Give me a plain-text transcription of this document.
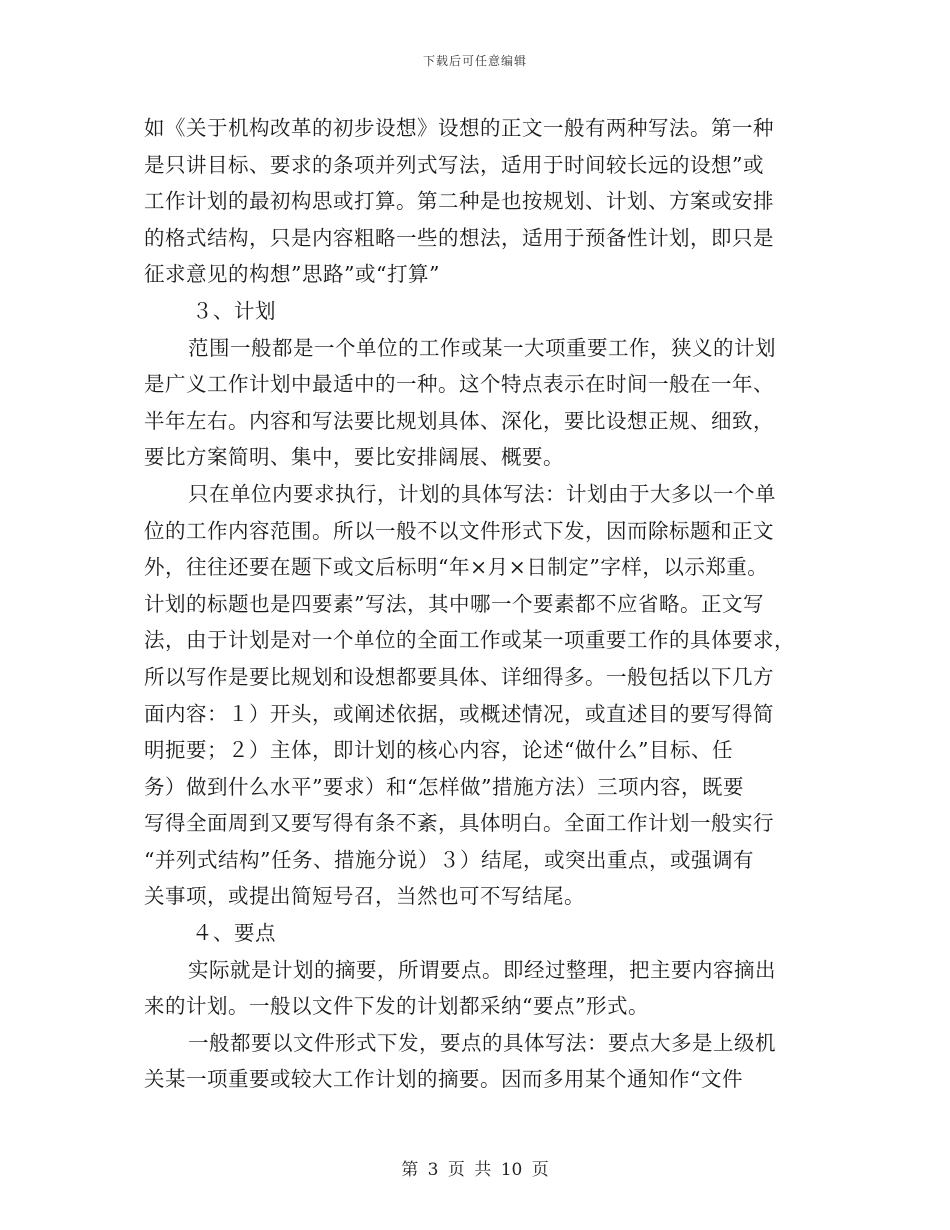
下载后可任意编辑
如《关于机构改革的初步设想》设想的正文一般有两种写法。第一种
是只讲目标、要求的条项并列式写法，适用于时间较长远的设想”或
工作计划的最初构思或打算。第二种是也按规划、计划、方案或安排
的格式结构，只是内容粗略一些的想法，适用于预备性计划，即只是
征求意见的构想”思路”或“打算”
３、计划
范围一般都是一个单位的工作或某一大项重要工作，狭义的计划
是广义工作计划中最适中的一种。这个特点表示在时间一般在一年、
半年左右。内容和写法要比规划具体、深化，要比设想正规、细致，
要比方案简明、集中，要比安排阔展、概要。
只在单位内要求执行，计划的具体写法：计划由于大多以一个单
位的工作内容范围。所以一般不以文件形式下发，因而除标题和正文
外，往往还要在题下或文后标明“年×月×日制定”字样，以示郑重。
计划的标题也是四要素”写法，其中哪一个要素都不应省略。正文写
法，由于计划是对一个单位的全面工作或某一项重要工作的具体要求，
所以写作是要比规划和设想都要具体、详细得多。一般包括以下几方
面内容：１）开头，或阐述依据，或概述情况，或直述目的要写得简
明扼要；２）主体，即计划的核心内容，论述“做什么”目标、任
务）做到什么水平”要求）和“怎样做”措施方法）三项内容，既要
写得全面周到又要写得有条不紊，具体明白。全面工作计划一般实行
“并列式结构”任务、措施分说）３）结尾，或突出重点，或强调有
关事项，或提出简短号召，当然也可不写结尾。
４、要点
实际就是计划的摘要，所谓要点。即经过整理，把主要内容摘出
来的计划。一般以文件下发的计划都采纳“要点”形式。
一般都要以文件形式下发，要点的具体写法：要点大多是上级机
关某一项重要或较大工作计划的摘要。因而多用某个通知作“文件
第 3 页 共 10 页
